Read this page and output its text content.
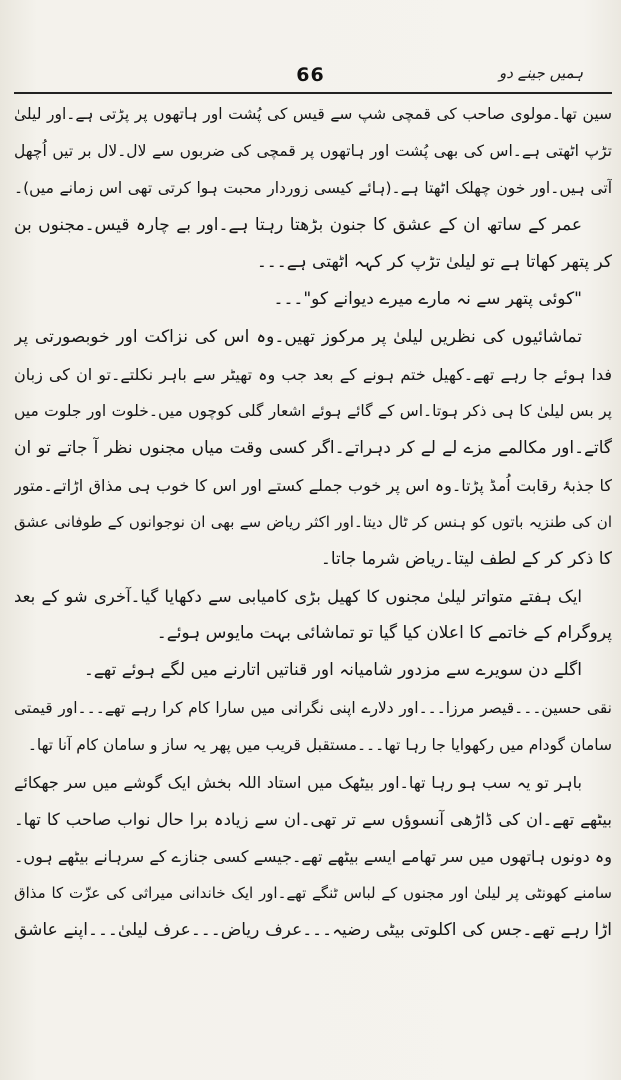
66	ہمیں جینے دو
سین تھا۔مولوی صاحب کی قمچی شپ سے قیس کی پُشت اور ہاتھوں پر پڑتی ہے۔اور لیلیٰ
تڑپ اٹھتی ہے۔اس کی بھی پُشت اور ہاتھوں پر قمچی کی ضربوں سے لال۔لال بر تیں اُچھل
آتی ہیں۔اور خون چھلک اٹھتا ہے۔(ہائے کیسی زوردار محبت ہوا کرتی تھی اس زمانے میں)۔
عمر کے ساتھ ان کے عشق کا جنون بڑھتا رہتا ہے۔اور بے چارہ قیس۔مجنوں بن
کر پتھر کھاتا ہے تو لیلیٰ تڑپ کر کہہ اٹھتی ہے۔۔۔
"کوئی پتھر سے نہ مارے میرے دیوانے کو"۔۔۔
تماشائیوں کی نظریں لیلیٰ پر مرکوز تھیں۔وہ اس کی نزاکت اور خوبصورتی پر
فدا ہوئے جا رہے تھے۔کھیل ختم ہونے کے بعد جب وہ تھیٹر سے باہر نکلتے۔تو ان کی زبان
پر بس لیلیٰ کا ہی ذکر ہوتا۔اس کے گائے ہوئے اشعار گلی کوچوں میں۔خلوت اور جلوت میں
گاتے۔اور مکالمے مزے لے لے کر دہراتے۔اگر کسی وقت میاں مجنوں نظر آ جاتے تو ان
کا جذبۂ رقابت اُمڈ پڑتا۔وہ اس پر خوب جملے کستے اور اس کا خوب ہی مذاق اڑاتے۔متور
ان کی طنزیہ باتوں کو ہنس کر ٹال دیتا۔اور اکثر ریاض سے بھی ان نوجوانوں کے طوفانی عشق
کا ذکر کر کے لطف لیتا۔ریاض شرما جاتا۔
ایک ہفتے متواتر لیلیٰ مجنوں کا کھیل بڑی کامیابی سے دکھایا گیا۔آخری شو کے بعد
پروگرام کے خاتمے کا اعلان کیا گیا تو تماشائی بہت مایوس ہوئے۔
اگلے دن سویرے سے مزدور شامیانہ اور قناتیں اتارنے میں لگے ہوئے تھے۔
نقی حسین۔۔۔قیصر مرزا۔۔۔اور دلارے اپنی نگرانی میں سارا کام کرا رہے تھے۔۔۔اور قیمتی
سامان گودام میں رکھوایا جا رہا تھا۔۔۔مستقبل قریب میں پھر یہ ساز و سامان کام آنا تھا۔
باہر تو یہ سب ہو رہا تھا۔اور بیٹھک میں استاد اللہ بخش ایک گوشے میں سر جھکائے
بیٹھے تھے۔ان کی ڈاڑھی آنسوؤں سے تر تھی۔ان سے زیادہ برا حال نواب صاحب کا تھا۔
وہ دونوں ہاتھوں میں سر تھامے ایسے بیٹھے تھے۔جیسے کسی جنازے کے سرہانے بیٹھے ہوں۔
سامنے کھونٹی پر لیلیٰ اور مجنوں کے لباس ٹنگے تھے۔اور ایک خاندانی میراثی کی عزّت کا مذاق
اڑا رہے تھے۔جس کی اکلوتی بیٹی رضیہ۔۔۔عرف ریاض۔۔۔عرف لیلیٰ۔۔۔اپنے عاشق
